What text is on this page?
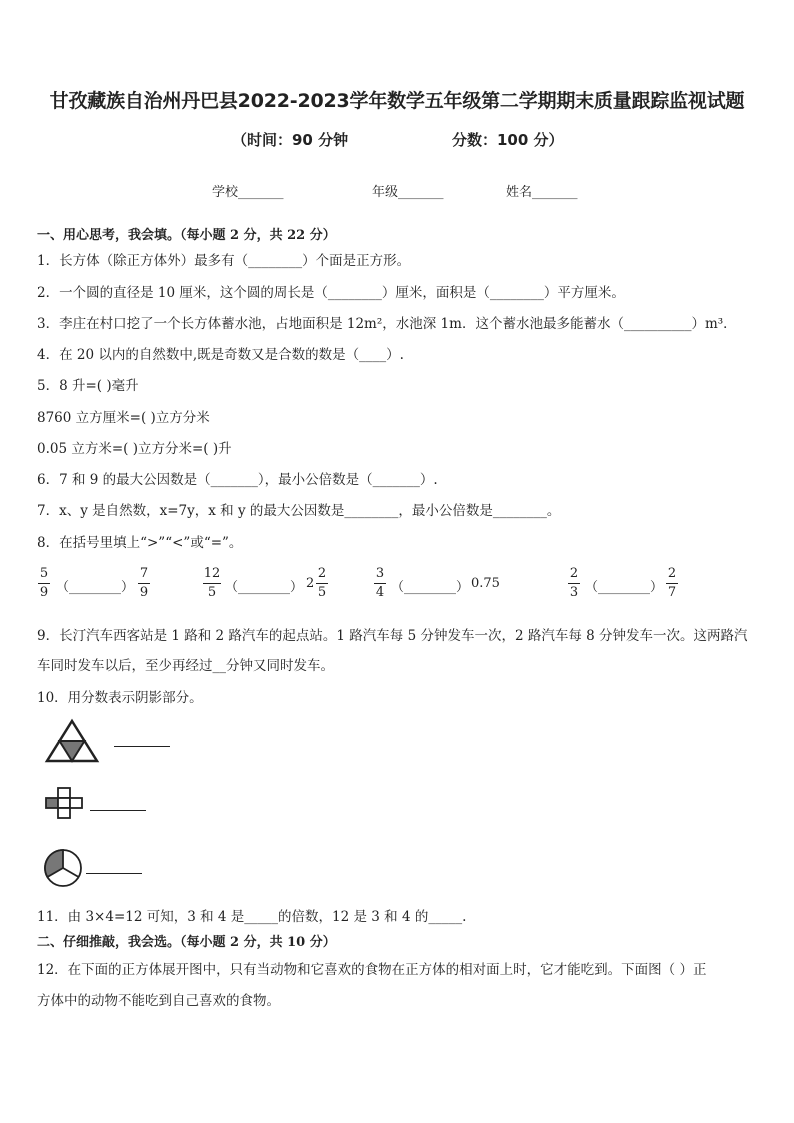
甘孜藏族自治州丹巴县2022-2023学年数学五年级第二学期期末质量跟踪监视试题
（时间：90 分钟	分数：100 分）
学校_______	年级_______	姓名_______
一、用心思考，我会填。（每小题 2 分，共 22 分）
1．长方体（除正方体外）最多有（________）个面是正方形。
2．一个圆的直径是 10 厘米，这个圆的周长是（________）厘米，面积是（________）平方厘米。
3．李庄在村口挖了一个长方体蓄水池，占地面积是 12m²，水池深 1m．这个蓄水池最多能蓄水（__________）m³．
4．在 20 以内的自然数中,既是奇数又是合数的数是（____）.
5．8 升=( )毫升
8760 立方厘米=( )立方分米
0.05 立方米=( )立方分米=( )升
6．7 和 9 的最大公因数是（_______），最小公倍数是（_______）.
7．x、y 是自然数，x=7y，x 和 y 的最大公因数是________，最小公倍数是________。
8．在括号里填上“>”“<”或“=”。
5
9 （________）
7
9
12
5 （________） 2
2
5
3
4 （________） 0.75
2
3 （________）
2
7
9．长汀汽车西客站是 1 路和 2 路汽车的起点站。1 路汽车每 5 分钟发车一次，2 路汽车每 8 分钟发车一次。这两路汽
车同时发车以后，至少再经过__分钟又同时发车。
10．用分数表示阴影部分。
11．由 3×4=12 可知，3 和 4 是_____的倍数，12 是 3 和 4 的_____.
二、仔细推敲，我会选。（每小题 2 分，共 10 分）
12．在下面的正方体展开图中，只有当动物和它喜欢的食物在正方体的相对面上时，它才能吃到。下面图（ ）正
方体中的动物不能吃到自己喜欢的食物。
